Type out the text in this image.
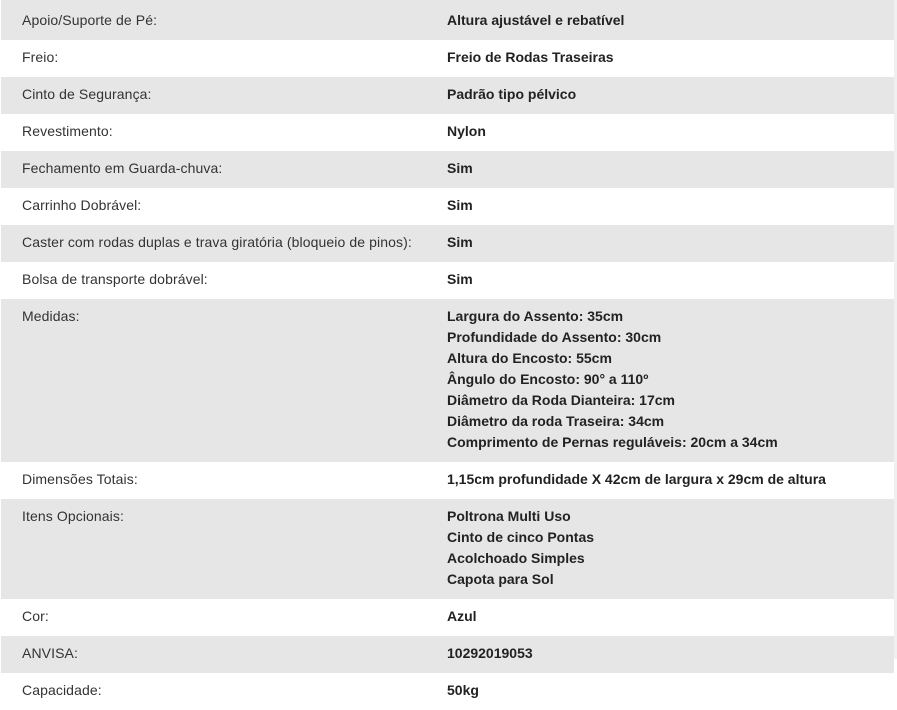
Apoio/Suporte de Pé:	Altura ajustável e rebatível
Freio:	Freio de Rodas Traseiras
Cinto de Segurança:	Padrão tipo pélvico
Revestimento:	Nylon
Fechamento em Guarda-chuva:	Sim
Carrinho Dobrável:	Sim
Caster com rodas duplas e trava giratória (bloqueio de pinos):	Sim
Bolsa de transporte dobrável:	Sim
Medidas:	Largura do Assento: 35cm
Profundidade do Assento: 30cm
Altura do Encosto: 55cm
Ângulo do Encosto: 90° a 110º
Diâmetro da Roda Dianteira: 17cm
Diâmetro da roda Traseira: 34cm
Comprimento de Pernas reguláveis: 20cm a 34cm
Dimensões Totais:	1,15cm profundidade X 42cm de largura x 29cm de altura
Itens Opcionais:	Poltrona Multi Uso
Cinto de cinco Pontas
Acolchoado Simples
Capota para Sol
Cor:	Azul
ANVISA:	10292019053
Capacidade:	50kg
